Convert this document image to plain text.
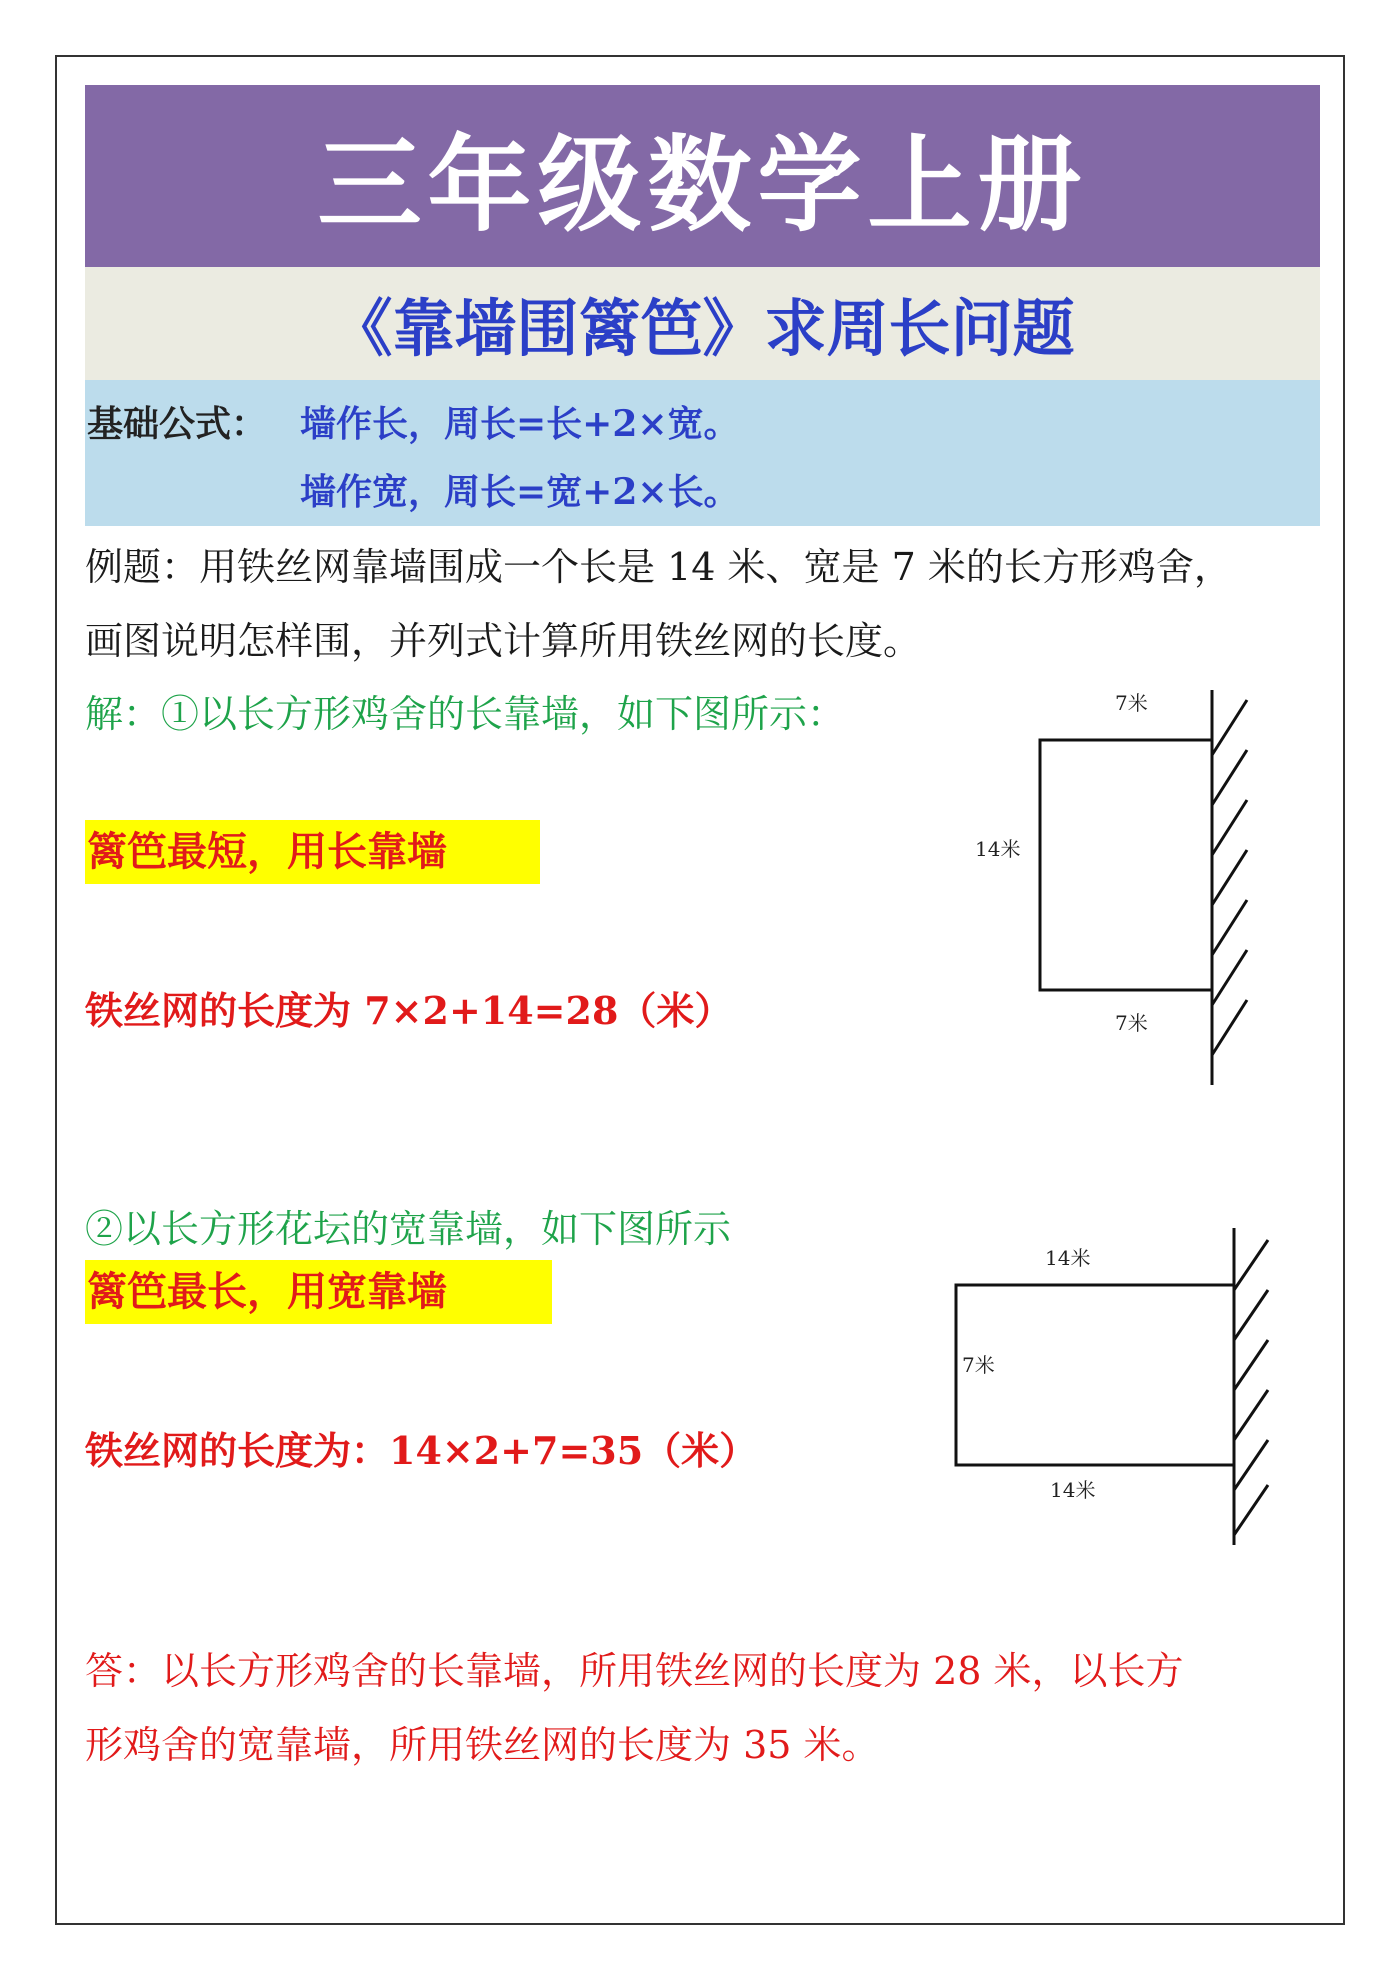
三年级数学上册
《靠墙围篱笆》求周长问题
基础公式： 墙作长，周长=长+2×宽。
墙作宽，周长=宽+2×长。
例题：用铁丝网靠墙围成一个长是 14 米、宽是 7 米的长方形鸡舍，
画图说明怎样围，并列式计算所用铁丝网的长度。
解：①以长方形鸡舍的长靠墙，如下图所示：
篱笆最短，用长靠墙
铁丝网的长度为 7×2+14=28（米）
7米
14米
7米
②以长方形花坛的宽靠墙，如下图所示
篱笆最长，用宽靠墙
铁丝网的长度为：14×2+7=35（米）
14米
7米
14米
答：以长方形鸡舍的长靠墙，所用铁丝网的长度为 28 米，以长方
形鸡舍的宽靠墙，所用铁丝网的长度为 35 米。
